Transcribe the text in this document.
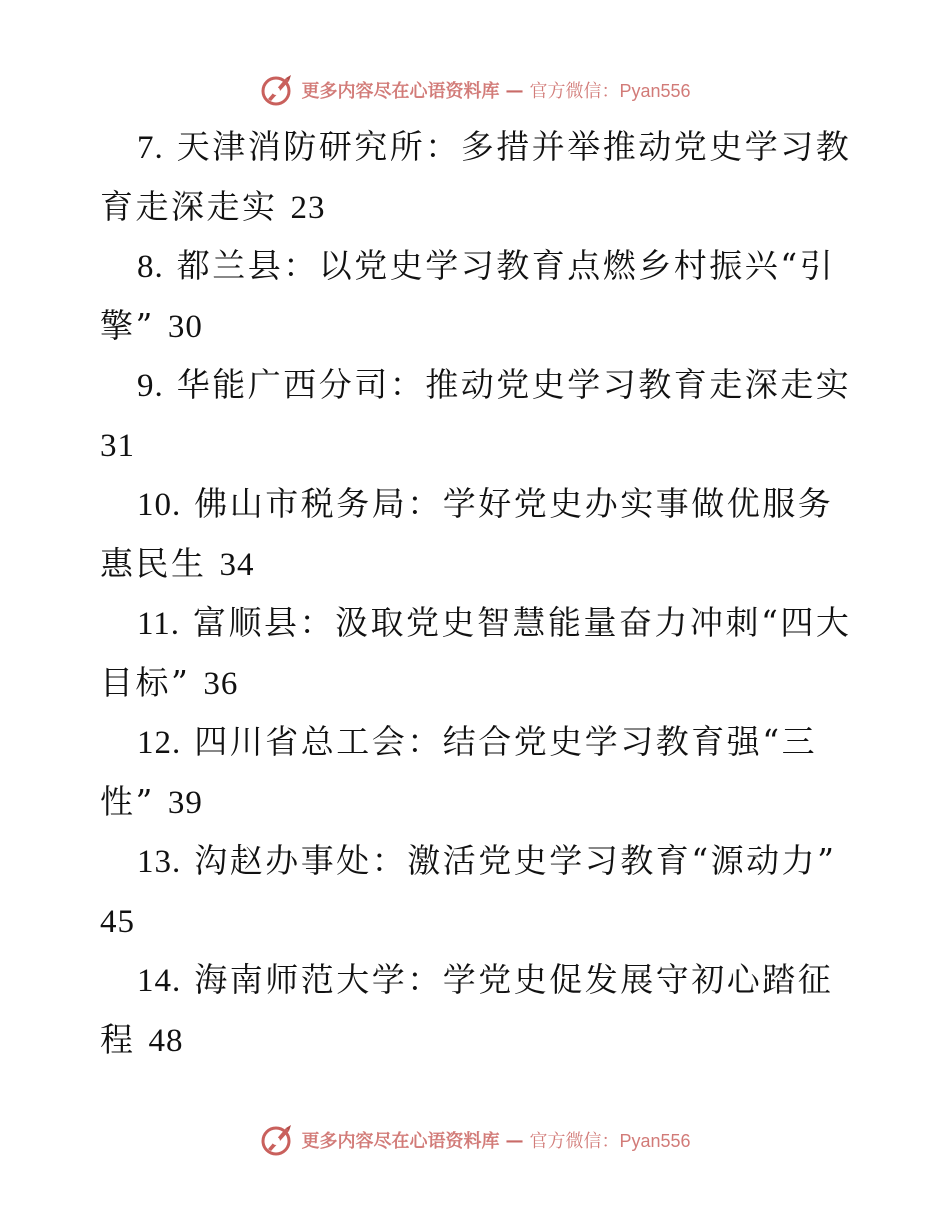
更多内容尽在心语资料库 — 官方微信：Pyan556

7. 天津消防研究所：多措并举推动党史学习教育走深走实 23

8. 都兰县：以党史学习教育点燃乡村振兴“引擎” 30

9. 华能广西分司：推动党史学习教育走深走实 31

10. 佛山市税务局：学好党史办实事做优服务惠民生 34

11. 富顺县：汲取党史智慧能量奋力冲刺“四大目标” 36

12. 四川省总工会：结合党史学习教育强“三性” 39

13. 沟赵办事处：激活党史学习教育“源动力” 45

14. 海南师范大学：学党史促发展守初心踏征程 48

更多内容尽在心语资料库 — 官方微信：Pyan556
